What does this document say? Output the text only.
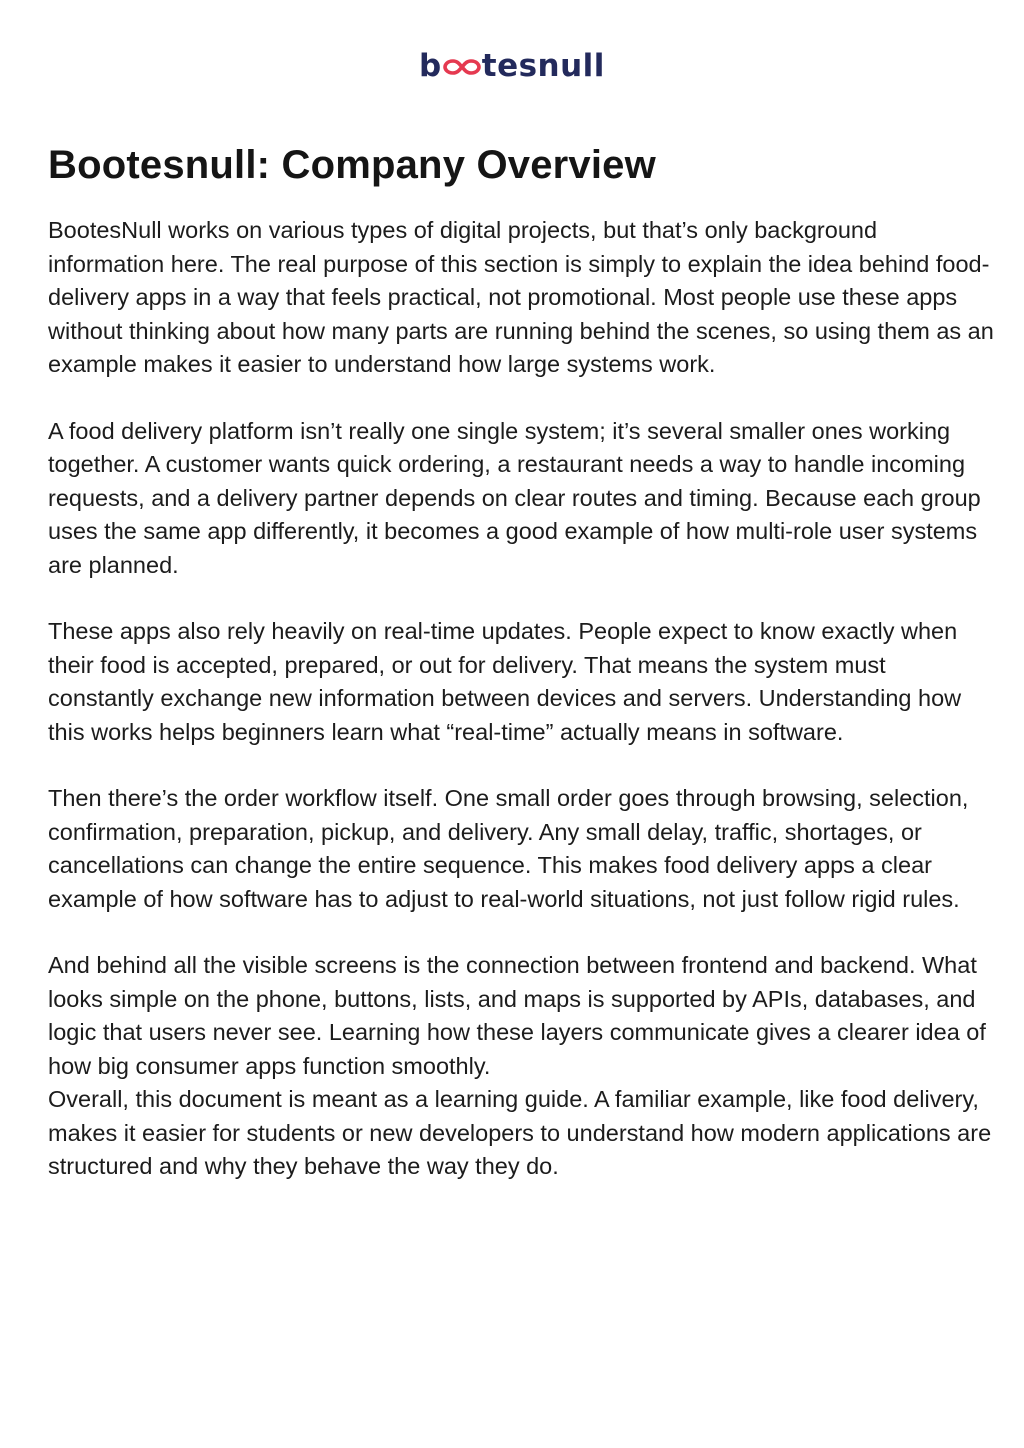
b tesnull
Bootesnull: Company Overview

BootesNull works on various types of digital projects, but that’s only background information here. The real purpose of this section is simply to explain the idea behind food-delivery apps in a way that feels practical, not promotional. Most people use these apps without thinking about how many parts are running behind the scenes, so using them as an example makes it easier to understand how large systems work.

A food delivery platform isn’t really one single system; it’s several smaller ones working together. A customer wants quick ordering, a restaurant needs a way to handle incoming requests, and a delivery partner depends on clear routes and timing. Because each group uses the same app differently, it becomes a good example of how multi-role user systems are planned.

These apps also rely heavily on real-time updates. People expect to know exactly when their food is accepted, prepared, or out for delivery. That means the system must constantly exchange new information between devices and servers. Understanding how this works helps beginners learn what “real-time” actually means in software.

Then there’s the order workflow itself. One small order goes through browsing, selection, confirmation, preparation, pickup, and delivery. Any small delay, traffic, shortages, or cancellations can change the entire sequence. This makes food delivery apps a clear example of how software has to adjust to real-world situations, not just follow rigid rules.

And behind all the visible screens is the connection between frontend and backend. What looks simple on the phone, buttons, lists, and maps is supported by APIs, databases, and logic that users never see. Learning how these layers communicate gives a clearer idea of how big consumer apps function smoothly.

Overall, this document is meant as a learning guide. A familiar example, like food delivery, makes it easier for students or new developers to understand how modern applications are structured and why they behave the way they do.
